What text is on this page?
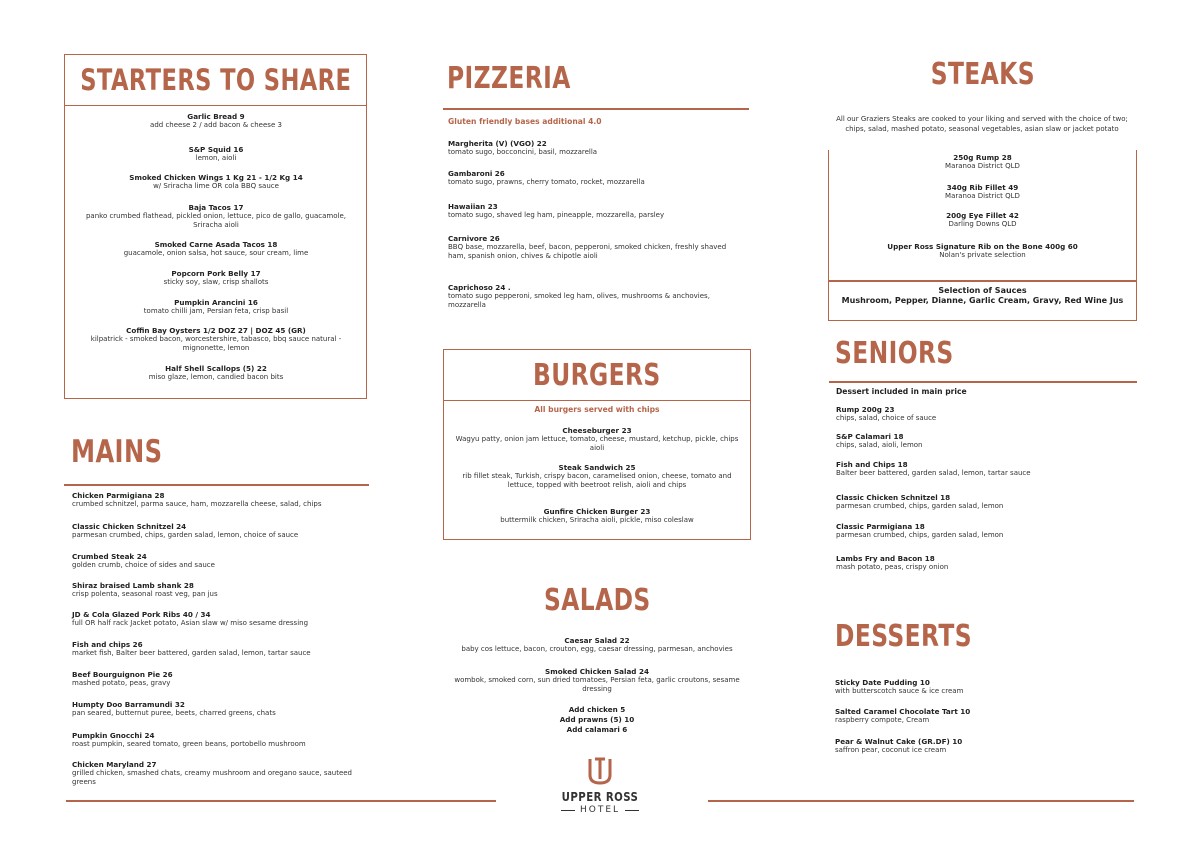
STARTERS TO SHARE
Garlic Bread 9
add cheese 2 / add bacon & cheese 3
S&P Squid 16
lemon, aioli
Smoked Chicken Wings 1 Kg 21 - 1/2 Kg 14
w/ Sriracha lime OR cola BBQ sauce
Baja Tacos 17
panko crumbed flathead, pickled onion, lettuce, pico de gallo, guacamole, Sriracha aioli
Smoked Carne Asada Tacos 18
guacamole, onion salsa, hot sauce, sour cream, lime
Popcorn Pork Belly 17
sticky soy, slaw, crisp shallots
Pumpkin Arancini 16
tomato chilli jam, Persian feta, crisp basil
Coffin Bay Oysters 1/2 DOZ 27 | DOZ 45 (GR)
kilpatrick - smoked bacon, worcestershire, tabasco, bbq sauce natural - mignonette, lemon
Half Shell Scallops (5) 22
miso glaze, lemon, candied bacon bits
MAINS
Chicken Parmigiana 28
crumbed schnitzel, parma sauce, ham, mozzarella cheese, salad, chips
Classic Chicken Schnitzel 24
parmesan crumbed, chips, garden salad, lemon, choice of sauce
Crumbed Steak 24
golden crumb, choice of sides and sauce
Shiraz braised Lamb shank 28
crisp polenta, seasonal roast veg, pan jus
JD & Cola Glazed Pork Ribs 40 / 34
full OR half rack Jacket potato, Asian slaw w/ miso sesame dressing
Fish and chips 26
market fish, Balter beer battered, garden salad, lemon, tartar sauce
Beef Bourguignon Pie 26
mashed potato, peas, gravy
Humpty Doo Barramundi 32
pan seared, butternut puree, beets, charred greens, chats
Pumpkin Gnocchi 24
roast pumpkin, seared tomato, green beans, portobello mushroom
Chicken Maryland 27
grilled chicken, smashed chats, creamy mushroom and oregano sauce, sauteed greens
PIZZERIA
Gluten friendly bases additional 4.0
Margherita (V) (VGO) 22
tomato sugo, bocconcini, basil, mozzarella
Gambaroni 26
tomato sugo, prawns, cherry tomato, rocket, mozzarella
Hawaiian 23
tomato sugo, shaved leg ham, pineapple, mozzarella, parsley
Carnivore 26
BBQ base, mozzarella, beef, bacon, pepperoni, smoked chicken, freshly shaved ham, spanish onion, chives & chipotle aioli
Caprichoso 24 .
tomato sugo pepperoni, smoked leg ham, olives, mushrooms & anchovies, mozzarella
BURGERS
All burgers served with chips
Cheeseburger 23
Wagyu patty, onion jam lettuce, tomato, cheese, mustard, ketchup, pickle, chips aioli
Steak Sandwich 25
rib fillet steak, Turkish, crispy bacon, caramelised onion, cheese, tomato and lettuce, topped with beetroot relish, aioli and chips
Gunfire Chicken Burger 23
buttermilk chicken, Sriracha aioli, pickle, miso coleslaw
SALADS
Caesar Salad 22
baby cos lettuce, bacon, crouton, egg, caesar dressing, parmesan, anchovies
Smoked Chicken Salad 24
wombok, smoked corn, sun dried tomatoes, Persian feta, garlic croutons, sesame dressing
Add chicken 5
Add prawns (5) 10
Add calamari 6
UPPER ROSS
HOTEL
STEAKS
All our Graziers Steaks are cooked to your liking and served with the choice of two; chips, salad, mashed potato, seasonal vegetables, asian slaw or jacket potato
250g Rump 28
Maranoa District QLD
340g Rib Fillet 49
Maranoa District QLD
200g Eye Fillet 42
Darling Downs QLD
Upper Ross Signature Rib on the Bone 400g 60
Nolan's private selection
Selection of Sauces
Mushroom, Pepper, Dianne, Garlic Cream, Gravy, Red Wine Jus
SENIORS
Dessert included in main price
Rump 200g 23
chips, salad, choice of sauce
S&P Calamari 18
chips, salad, aioli, lemon
Fish and Chips 18
Balter beer battered, garden salad, lemon, tartar sauce
Classic Chicken Schnitzel 18
parmesan crumbed, chips, garden salad, lemon
Classic Parmigiana 18
parmesan crumbed, chips, garden salad, lemon
Lambs Fry and Bacon 18
mash potato, peas, crispy onion
DESSERTS
Sticky Date Pudding 10
with butterscotch sauce & ice cream
Salted Caramel Chocolate Tart 10
raspberry compote, Cream
Pear & Walnut Cake (GR.DF) 10
saffron pear, coconut ice cream
